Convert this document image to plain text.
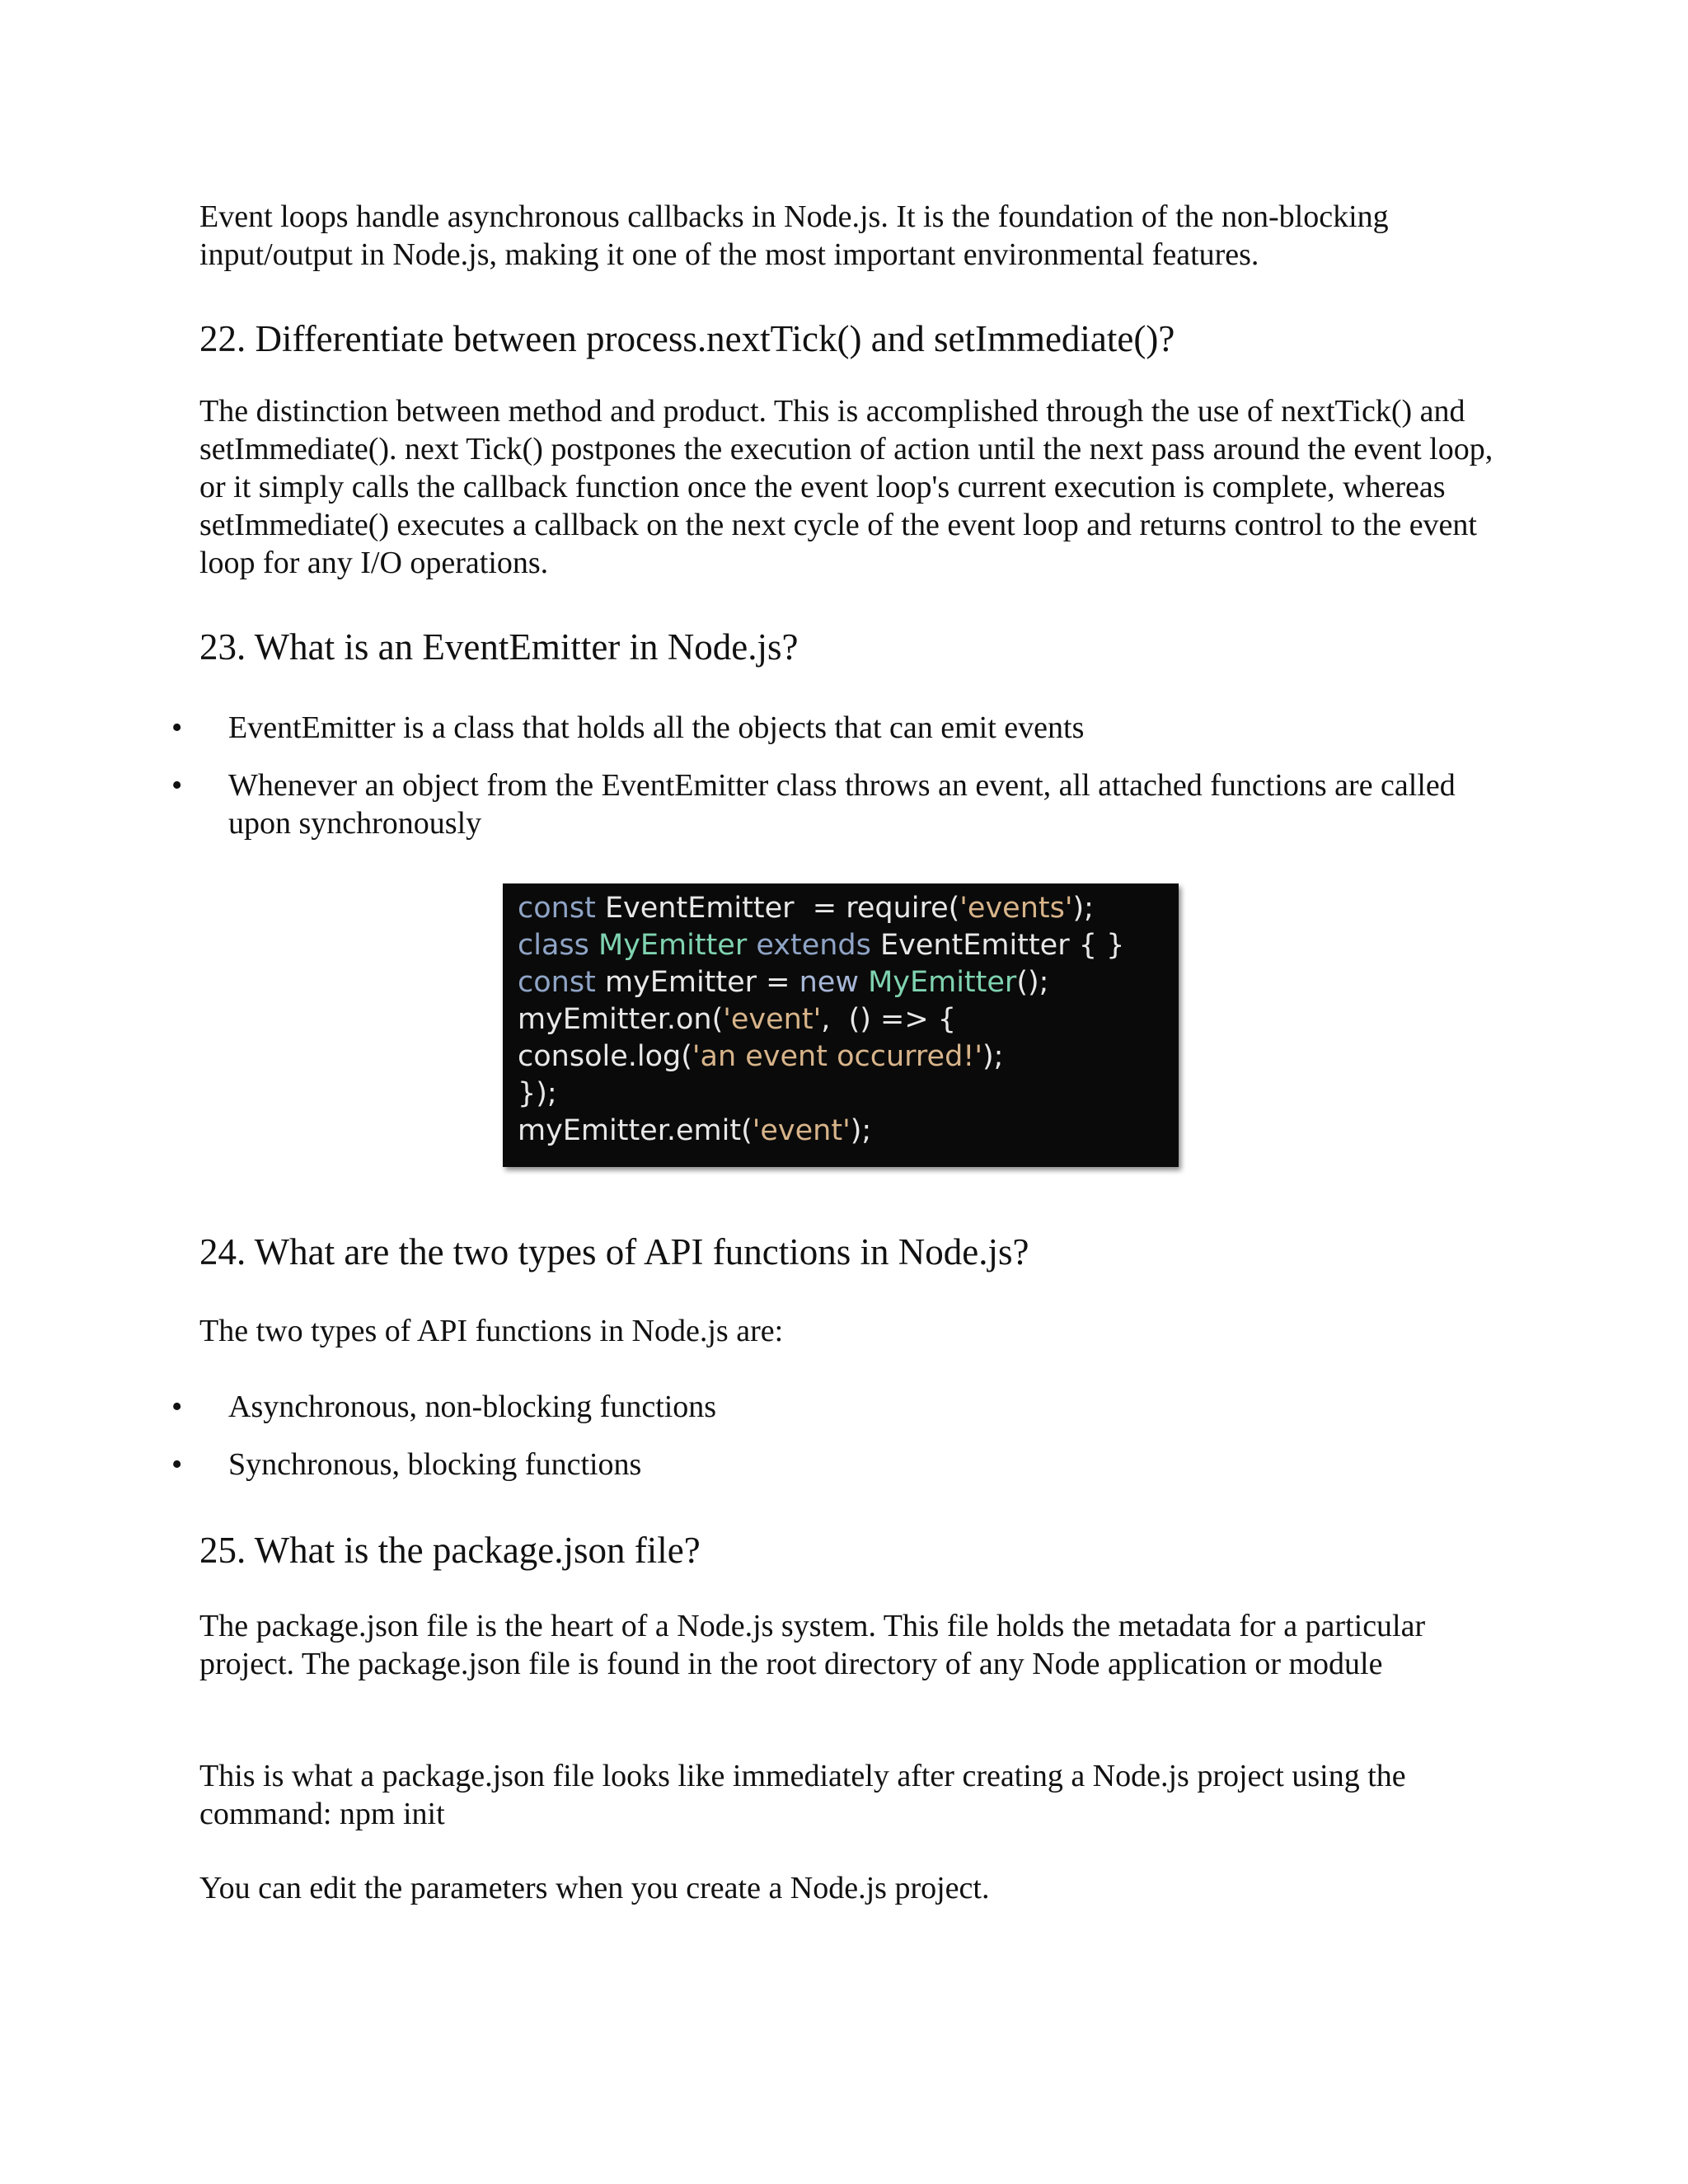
Event loops handle asynchronous callbacks in Node.js. It is the foundation of the non-blocking input/output in Node.js, making it one of the most important environmental features.

22. Differentiate between process.nextTick() and setImmediate()?

The distinction between method and product. This is accomplished through the use of nextTick() and setImmediate(). next Tick() postpones the execution of action until the next pass around the event loop, or it simply calls the callback function once the event loop's current execution is complete, whereas setImmediate() executes a callback on the next cycle of the event loop and returns control to the event loop for any I/O operations.

23. What is an EventEmitter in Node.js?
• EventEmitter is a class that holds all the objects that can emit events
• Whenever an object from the EventEmitter class throws an event, all attached functions are called upon synchronously
const EventEmitter  = require('events');
class MyEmitter extends EventEmitter { }
const myEmitter = new MyEmitter();
myEmitter.on('event',  () => {
console.log('an event occurred!');
});
myEmitter.emit('event');
24. What are the two types of API functions in Node.js?

The two types of API functions in Node.js are:

• Asynchronous, non-blocking functions
• Synchronous, blocking functions
25. What is the package.json file?

The package.json file is the heart of a Node.js system. This file holds the metadata for a particular project. The package.json file is found in the root directory of any Node application or module

This is what a package.json file looks like immediately after creating a Node.js project using the command: npm init

You can edit the parameters when you create a Node.js project.
